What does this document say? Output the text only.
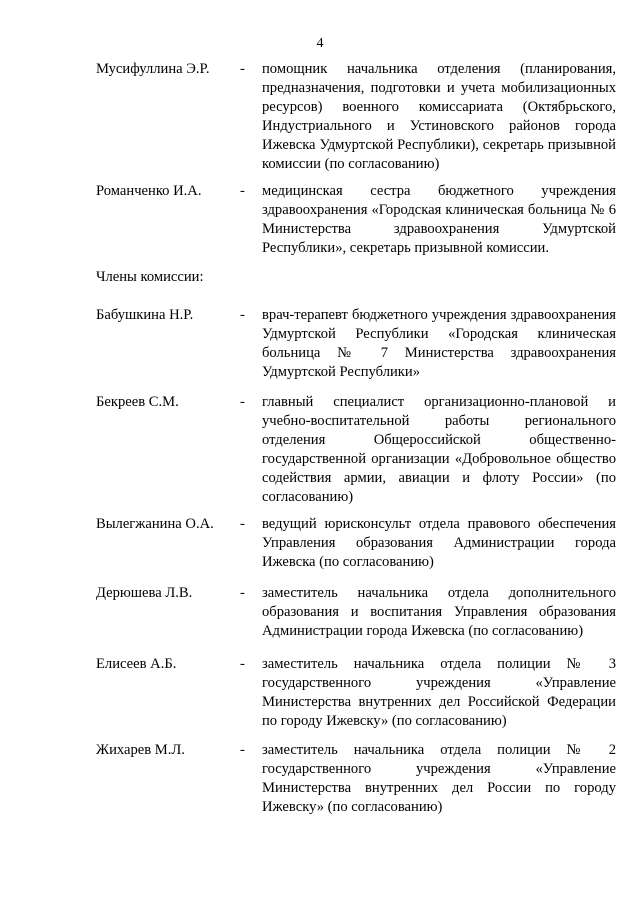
4
Мусифуллина Э.Р. - помощник начальника отделения (планирования, предназначения, подготовки и учета мобилизационных ресурсов) военного комиссариата (Октябрьского, Индустриального и Устиновского районов города Ижевска Удмуртской Республики), секретарь призывной комиссии (по согласованию)
Романченко И.А.	- медицинская сестра бюджетного учреждения здравоохранения «Городская клиническая больница № 6 Министерства здравоохранения Удмуртской Республики», секретарь призывной комиссии.
Члены комиссии:
Бабушкина Н.Р.	- врач-терапевт бюджетного учреждения здравоохранения Удмуртской Республики «Городская клиническая больница № 7 Министерства здравоохранения Удмуртской Республики»
Бекреев С.М.	- главный специалист организационно-плановой и учебно-воспитательной работы регионального отделения Общероссийской общественно-государственной организации «Добровольное общество содействия армии, авиации и флоту России» (по согласованию)
Вылегжанина О.А. - ведущий юрисконсульт отдела правового обеспечения Управления образования Администрации города Ижевска (по согласованию)
Дерюшева Л.В.	- заместитель начальника отдела дополнительного образования и воспитания Управления образования Администрации города Ижевска (по согласованию)
Елисеев А.Б.	- заместитель начальника отдела полиции № 3 государственного учреждения «Управление Министерства внутренних дел Российской Федерации по городу Ижевску» (по согласованию)
Жихарев М.Л.	- заместитель начальника отдела полиции № 2 государственного учреждения «Управление Министерства внутренних дел России по городу Ижевску» (по согласованию)
